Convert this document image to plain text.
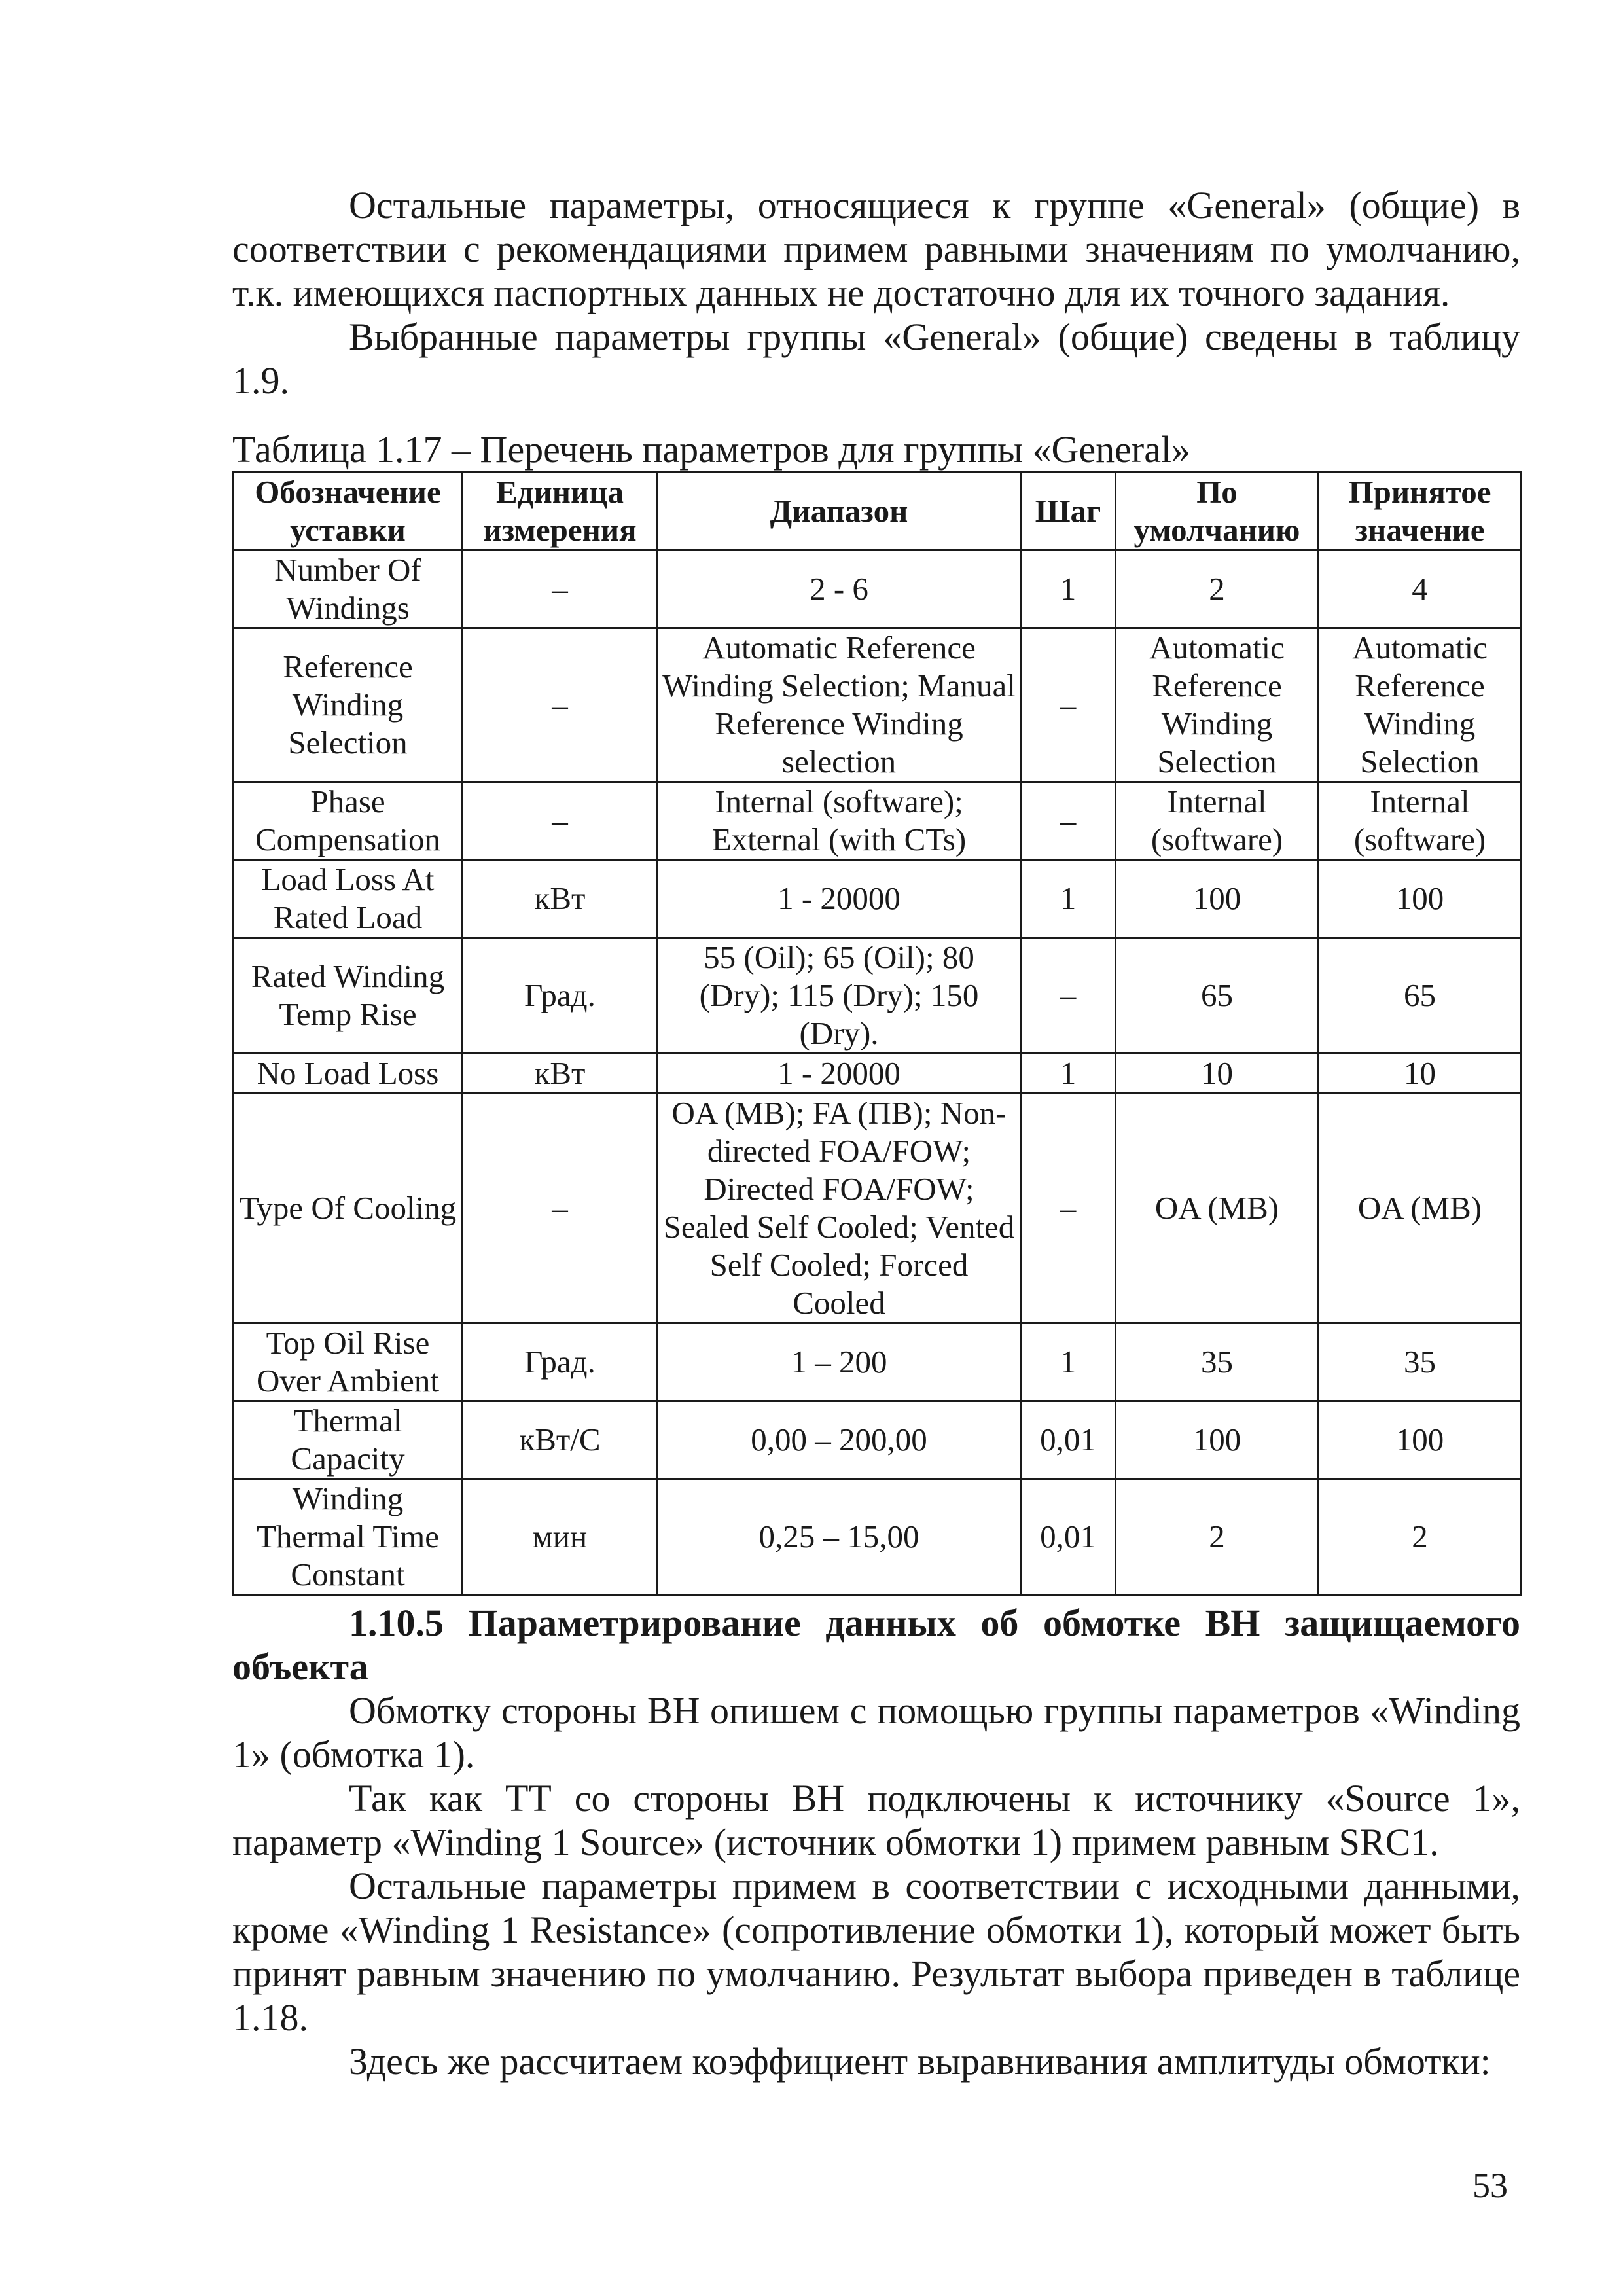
Остальные параметры, относящиеся к группе «General» (общие) в соответствии с рекомендациями примем равными значениям по умолчанию, т.к. имеющихся паспортных данных не достаточно для их точного задания.

Выбранные параметры группы «General» (общие) сведены в таблицу 1.9.

Таблица 1.17 – Перечень параметров для группы «General»
Обозначение уставки	Единица измерения	Диапазон	Шаг	По умолчанию	Принятое значение
Number Of Windings	–	2 - 6	1	2	4
Reference Winding Selection	–	Automatic Reference Winding Selection; Manual Reference Winding selection	–	Automatic Reference Winding Selection	Automatic Reference Winding Selection
Phase Compensation	–	Internal (software); External (with CTs)	–	Internal (software)	Internal (software)
Load Loss At Rated Load	кВт	1 - 20000	1	100	100
Rated Winding Temp Rise	Град.	55 (Oil); 65 (Oil); 80 (Dry); 115 (Dry); 150 (Dry).	–	65	65
No Load Loss	кВт	1 - 20000	1	10	10
Type Of Cooling	–	OA (МВ); FA (ПВ); Non-directed FOA/FOW; Directed FOA/FOW; Sealed Self Cooled; Vented Self Cooled; Forced Cooled	–	OA (МВ)	OA (МВ)
Top Oil Rise Over Ambient	Град.	1 – 200	1	35	35
Thermal Capacity	кВт/С	0,00 – 200,00	0,01	100	100
Winding Thermal Time Constant	мин	0,25 – 15,00	0,01	2	2
1.10.5 Параметрирование данных об обмотке ВН защищаемого объекта

Обмотку стороны ВН опишем с помощью группы параметров «Winding 1» (обмотка 1).

Так как ТТ со стороны ВН подключены к источнику «Source 1», параметр «Winding 1 Source» (источник обмотки 1) примем равным SRC1.

Остальные параметры примем в соответствии с исходными данными, кроме «Winding 1 Resistance» (сопротивление обмотки 1), который может быть принят равным значению по умолчанию. Результат выбора приведен в таблице 1.18.

Здесь же рассчитаем коэффициент выравнивания амплитуды обмотки:

53
